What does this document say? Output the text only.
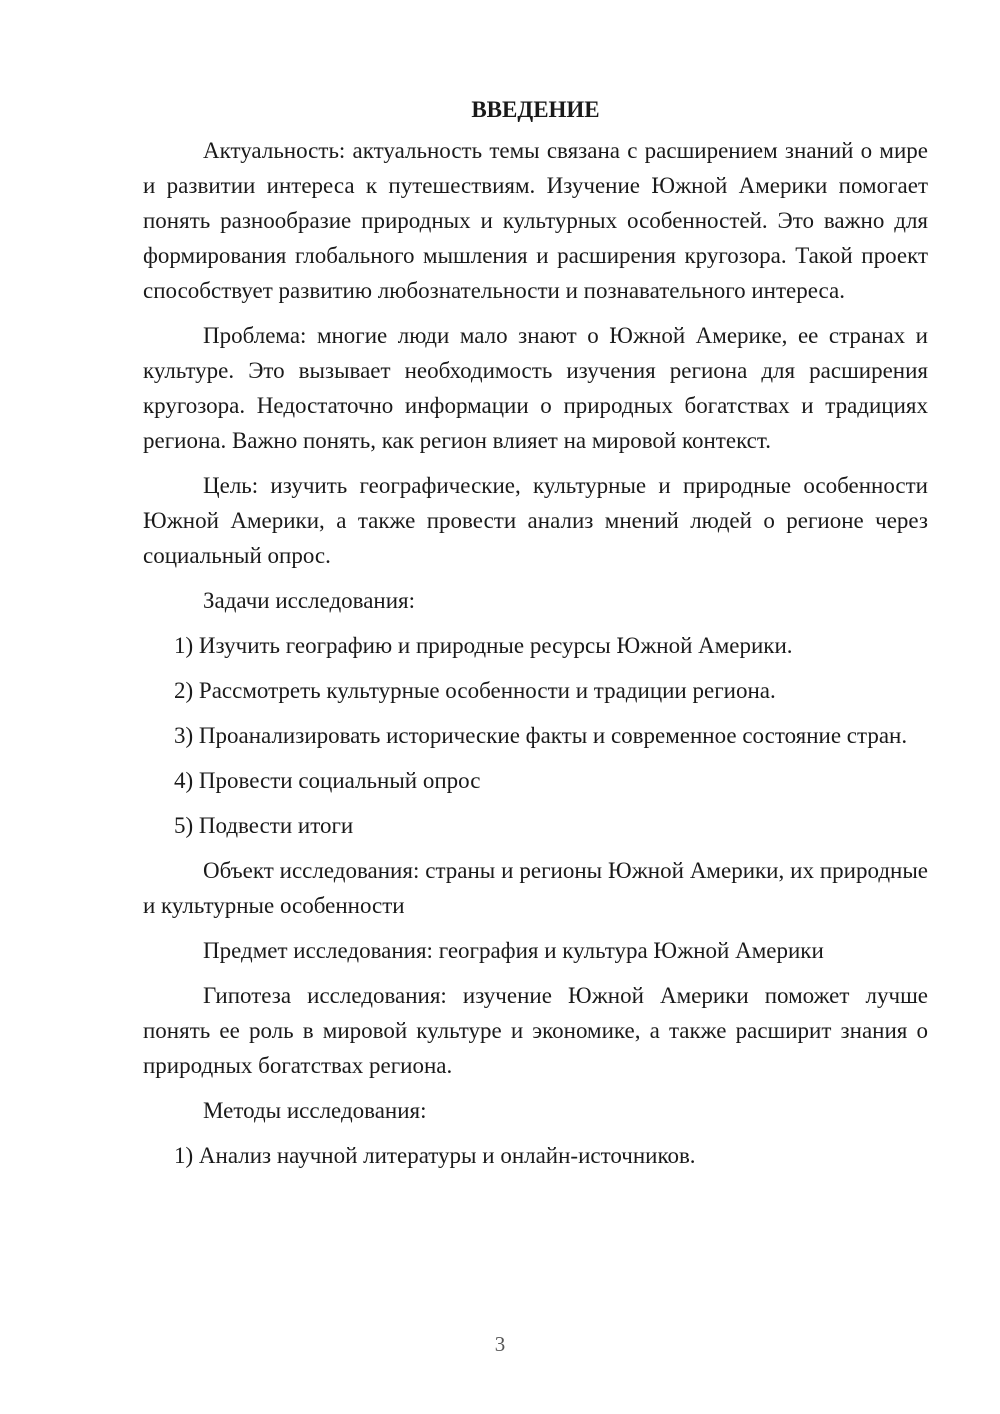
ВВЕДЕНИЕ

Актуальность: актуальность темы связана с расширением знаний о мире и развитии интереса к путешествиям. Изучение Южной Америки помогает понять разнообразие природных и культурных особенностей. Это важно для формирования глобального мышления и расширения кругозора. Такой проект способствует развитию любознательности и познавательного интереса.

Проблема: многие люди мало знают о Южной Америке, ее странах и культуре. Это вызывает необходимость изучения региона для расширения кругозора. Недостаточно информации о природных богатствах и традициях региона. Важно понять, как регион влияет на мировой контекст.

Цель: изучить географические, культурные и природные особенности Южной Америки, а также провести анализ мнений людей о регионе через социальный опрос.

Задачи исследования:

1) Изучить географию и природные ресурсы Южной Америки.

2) Рассмотреть культурные особенности и традиции региона.

3) Проанализировать исторические факты и современное состояние стран.

4) Провести социальный опрос

5) Подвести итоги

Объект исследования: страны и регионы Южной Америки, их природные и культурные особенности

Предмет исследования: география и культура Южной Америки

Гипотеза исследования: изучение Южной Америки поможет лучше понять ее роль в мировой культуре и экономике, а также расширит знания о природных богатствах региона.

Методы исследования:

1) Анализ научной литературы и онлайн-источников.

3
